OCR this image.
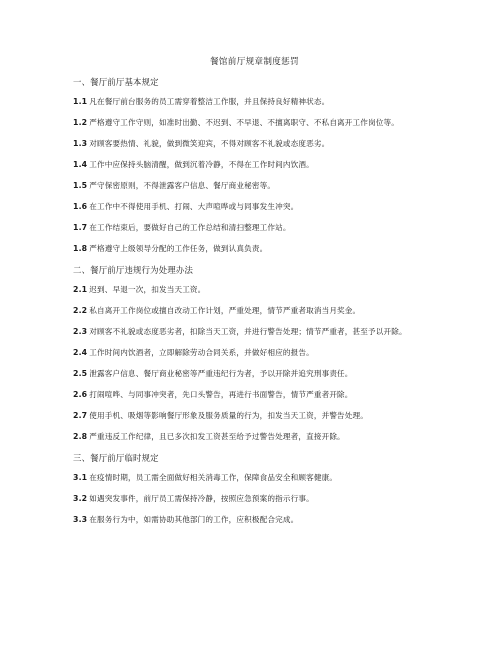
餐馆前厅规章制度惩罚
一、餐厅前厅基本规定

1.1 凡在餐厅前台服务的员工需穿着整洁工作服，并且保持良好精神状态。

1.2 严格遵守工作守则，如准时出勤、不迟到、不早退、不擅离职守、不私自离开工作岗位等。

1.3 对顾客要热情、礼貌，做到微笑迎宾，不得对顾客不礼貌或态度恶劣。

1.4 工作中应保持头脑清醒，做到沉着冷静，不得在工作时间内饮酒。

1.5 严守保密原则，不得泄露客户信息、餐厅商业秘密等。

1.6 在工作中不得使用手机、打闹、大声喧哗或与同事发生冲突。

1.7 在工作结束后，要做好自己的工作总结和清扫整理工作站。

1.8 严格遵守上级领导分配的工作任务，做到认真负责。

二、餐厅前厅违规行为处理办法

2.1 迟到、早退一次，扣发当天工资。

2.2 私自离开工作岗位或擅自改动工作计划，严重处理，情节严重者取消当月奖金。

2.3 对顾客不礼貌或态度恶劣者，扣除当天工资，并进行警告处理；情节严重者，甚至予以开除。

2.4 工作时间内饮酒者，立即解除劳动合同关系，并做好相应的报告。

2.5 泄露客户信息、餐厅商业秘密等严重违纪行为者，予以开除并追究刑事责任。

2.6 打闹喧哗、与同事冲突者，先口头警告，再进行书面警告，情节严重者开除。

2.7 使用手机、吸烟等影响餐厅形象及服务质量的行为，扣发当天工资，并警告处理。

2.8 严重违反工作纪律，且已多次扣发工资甚至给予过警告处理者，直接开除。

三、餐厅前厅临时规定

3.1 在疫情时期，员工需全面做好相关消毒工作，保障食品安全和顾客健康。

3.2 如遇突发事件，前厅员工需保持冷静，按照应急预案的指示行事。

3.3 在服务行为中，如需协助其他部门的工作，应积极配合完成。
